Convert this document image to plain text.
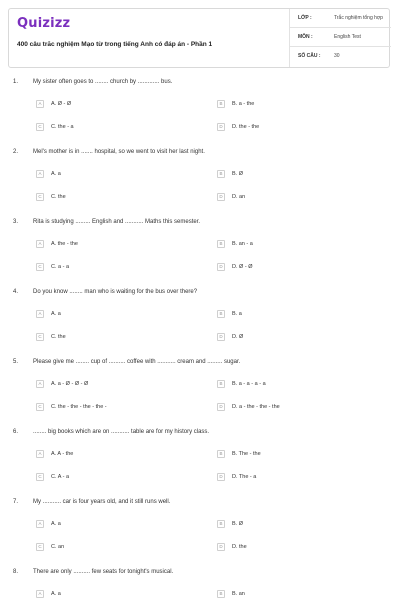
Quizizz
400 câu trắc nghiệm Mạo từ trong tiếng Anh có đáp án - Phần 1
LỚP :	Trắc nghiệm tổng hợp
MÔN :	English Test
SỐ CÂU :	30
1. My sister often goes to ........ church by ............. bus.
A	A. Ø - Ø	B	B. a - the
C	C. the - a	D	D. the - the
2. Mel's mother is in ....... hospital, so we went to visit her last night.
A	A. a	B	B. Ø
C	C. the	D	D. an
3. Rita is studying ......... English and ........... Maths this semester.
A	A. the - the	B	B. an - a
C	C. a - a	D	D. Ø - Ø
4. Do you know ........ man who is waiting for the bus over there?
A	A. a	B	B. a
C	C. the	D	D. Ø
5. Please give me ........ cup of .......... coffee with ........... cream and ......... sugar.
A	A. a - Ø - Ø - Ø	B	B. a - a - a - a
C	C. the - the - the - the -	D	D. a - the - the - the
6. ........ big books which are on ........... table are for my history class.
A	A. A - the	B	B. The - the
C	C. A - a	D	D. The - a
7. My ........... car is four years old, and it still runs well.
A	A. a	B	B. Ø
C	C. an	D	D. the
8. There are only .......... few seats for tonight's musical.
A	A. a	B	B. an
